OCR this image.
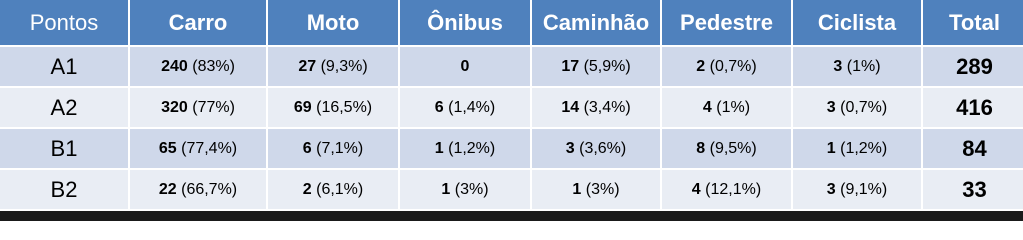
Pontos	Carro	Moto	Ônibus	Caminhão	Pedestre	Ciclista	Total
A1	240 (83%)	27 (9,3%)	0	17 (5,9%)	2 (0,7%)	3 (1%)	289
A2	320 (77%)	69 (16,5%)	6 (1,4%)	14 (3,4%)	4 (1%)	3 (0,7%)	416
B1	65 (77,4%)	6 (7,1%)	1 (1,2%)	3 (3,6%)	8 (9,5%)	1 (1,2%)	84
B2	22 (66,7%)	2 (6,1%)	1 (3%)	1 (3%)	4 (12,1%)	3 (9,1%)	33
